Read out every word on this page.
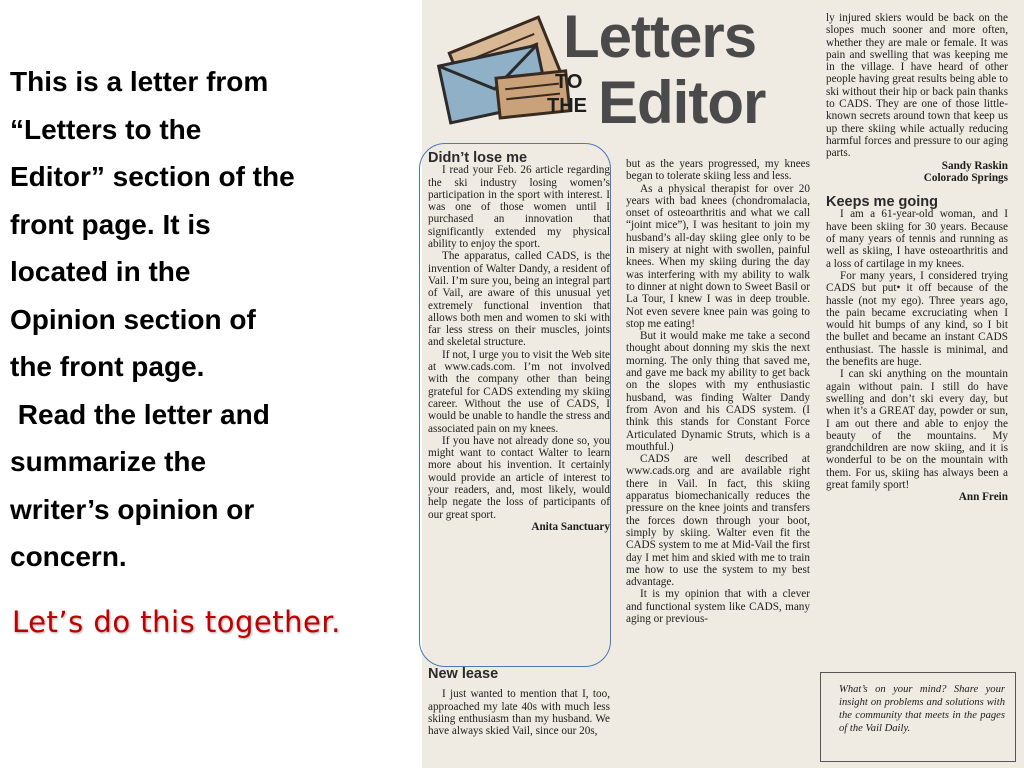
This is a letter from
“Letters to the
Editor” section of the
front page. It is
located in the
Opinion section of
the front page.
Read the letter and
summarize the
writer’s opinion or
concern.
Let’s do this together.
Letters
TO
THE Editor

Didn’t lose me

I read your Feb. 26 article regarding the ski industry losing women’s participation in the sport with interest. I was one of those women until I purchased an innovation that significantly extended my physical ability to enjoy the sport.

The apparatus, called CADS, is the invention of Walter Dandy, a resident of Vail. I’m sure you, being an integral part of Vail, are aware of this unusual yet extremely functional invention that allows both men and women to ski with far less stress on their muscles, joints and skeletal structure.

If not, I urge you to visit the Web site at www.cads.com. I’m not involved with the company other than being grateful for CADS extending my skiing career. Without the use of CADS, I would be unable to handle the stress and associated pain on my knees.

If you have not already done so, you might want to contact Walter to learn more about his invention. It certainly would provide an article of interest to your readers, and, most likely, would help negate the loss of participants of our great sport.

Anita Sanctuary

New lease

I just wanted to mention that I, too, approached my late 40s with much less skiing enthusiasm than my husband. We have always skied Vail, since our 20s,

but as the years progressed, my knees began to tolerate skiing less and less.

As a physical therapist for over 20 years with bad knees (chondromalacia, onset of osteoarthritis and what we call “joint mice”), I was hesitant to join my husband’s all-day skiing glee only to be in misery at night with swollen, painful knees. When my skiing during the day was interfering with my ability to walk to dinner at night down to Sweet Basil or La Tour, I knew I was in deep trouble. Not even severe knee pain was going to stop me eating!

But it would make me take a second thought about donning my skis the next morning. The only thing that saved me, and gave me back my ability to get back on the slopes with my enthusiastic husband, was finding Walter Dandy from Avon and his CADS system. (I think this stands for Constant Force Articulated Dynamic Struts, which is a mouthful.)

CADS are well described at www.cads.org and are available right there in Vail. In fact, this skiing apparatus biomechanically reduces the pressure on the knee joints and transfers the forces down through your boot, simply by skiing. Walter even fit the CADS system to me at Mid-Vail the first day I met him and skied with me to train me how to use the system to my best advantage.

It is my opinion that with a clever and functional system like CADS, many aging or previous-

ly injured skiers would be back on the slopes much sooner and more often, whether they are male or female. It was pain and swelling that was keeping me in the village. I have heard of other people having great results being able to ski without their hip or back pain thanks to CADS. They are one of those little- known secrets around town that keep us up there skiing while actually reducing harmful forces and pressure to our aging parts.

Sandy Raskin

Colorado Springs

Keeps me going

I am a 61-year-old woman, and I have been skiing for 30 years. Because of many years of tennis and running as well as skiing, I have osteoarthritis and a loss of cartilage in my knees.

For many years, I considered trying CADS but put• it off because of the hassle (not my ego). Three years ago, the pain became excruciating when I would hit bumps of any kind, so I bit the bullet and became an instant CADS enthusiast. The hassle is minimal, and the benefits are huge.

I can ski anything on the mountain again without pain. I still do have swelling and don’t ski every day, but when it’s a GREAT day, powder or sun, I am out there and able to enjoy the beauty of the mountains. My grandchildren are now skiing, and it is wonderful to be on the mountain with them. For us, skiing has always been a great family sport!

Ann Frein

What’s on your mind? Share your insight on problems and solutions with the community that meets in the pages of the Vail Daily.
